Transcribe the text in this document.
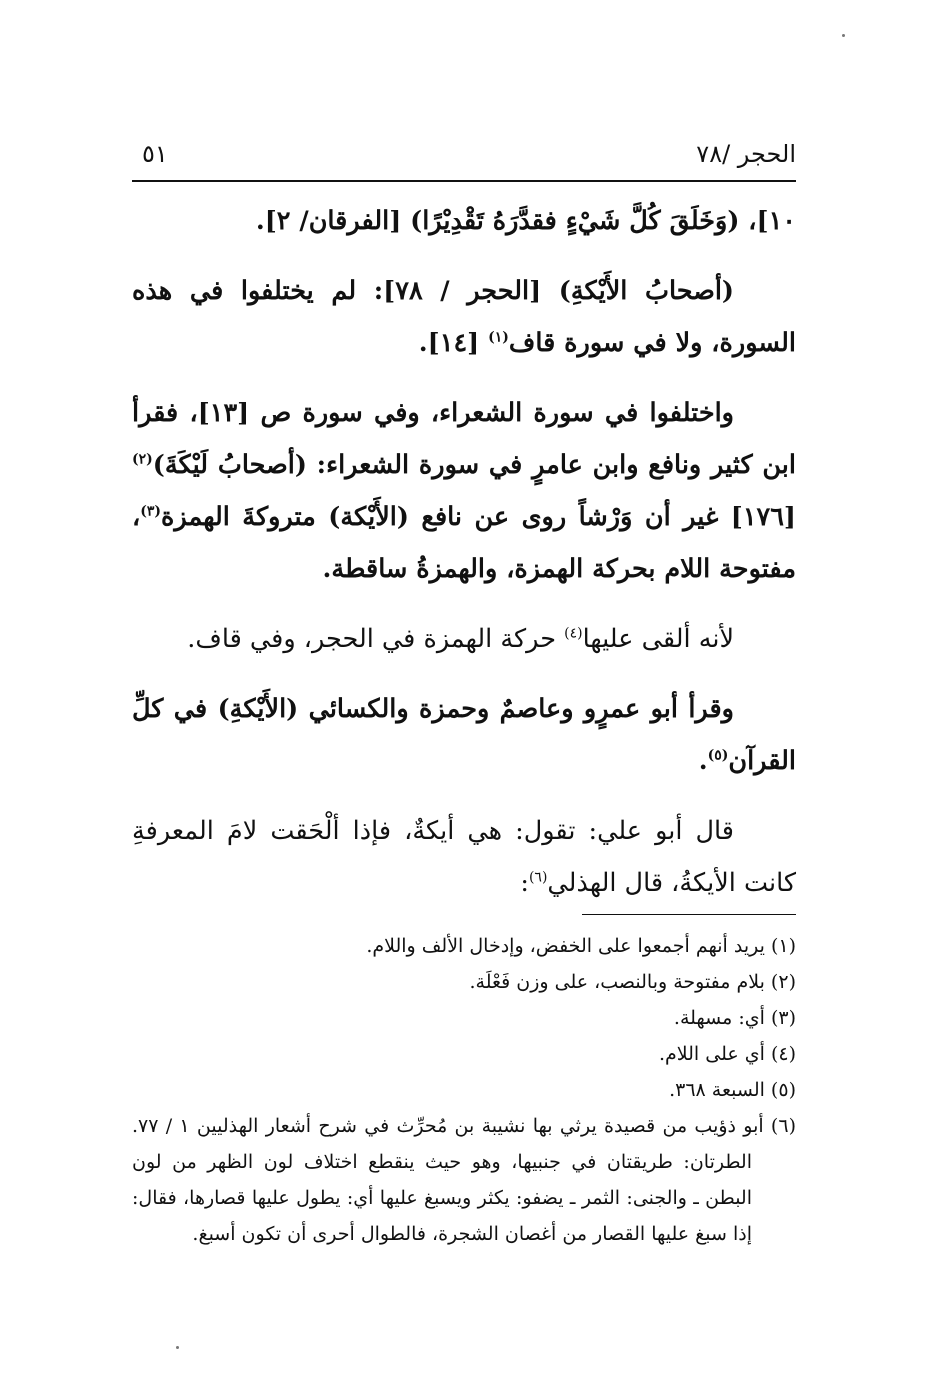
الحجر /٧٨
٥١

١٠]، (وَخَلَقَ كُلَّ شَيْءٍ فقدَّرَهُ تَقْدِيْرًا) [الفرقان/ ٢].

(أصحابُ الأَيْكةِ) [الحجر / ٧٨]: لم يختلفوا في هذه السورة، ولا في سورة قاف$^{(١)}$ [١٤].

واختلفوا في سورة الشعراء، وفي سورة ص [١٣]، فقرأ ابن كثير ونافع وابن عامرٍ في سورة الشعراء: (أصحابُ لَيْكَةَ)$^{(٢)}$ [١٧٦] غير أن وَرْشاً روى عن نافع (الأَيْكة) متروكةَ الهمزة$^{(٣)}$، مفتوحة اللام بحركة الهمزة، والهمزةُ ساقطة.

لأنه ألقى عليها$^{(٤)}$ حركة الهمزة في الحجر، وفي قاف.

وقرأ أبو عمرٍو وعاصمٌ وحمزة والكسائي (الأَيْكةِ) في كلِّ القرآن$^{(٥)}$.

قال أبو علي: تقول: هي أيكةٌ، فإذا ألْحَقت لامَ المعرفةِ كانت الأيكةُ، قال الهذلي$^{(٦)}$:

(١) يريد أنهم أجمعوا على الخفض، وإدخال الألف واللام.

(٢) بلام مفتوحة وبالنصب، على وزن فَعْلَة.

(٣) أي: مسهلة.

(٤) أي على اللام.

(٥) السبعة ٣٦٨.

(٦) أبو ذؤيب من قصيدة يرثي بها نشيبة بن مُحرِّث في شرح أشعار الهذليين ١ / ٧٧. الطرتان: طريقتان في جنبيها، وهو حيث ينقطع اختلاف لون الظهر من لون البطن ـ والجنى: الثمر ـ يضفو: يكثر ويسبغ عليها أي: يطول عليها قصارها، فقال: إذا سبغ عليها القصار من أغصان الشجرة، فالطوال أحرى أن تكون أسبغ.
